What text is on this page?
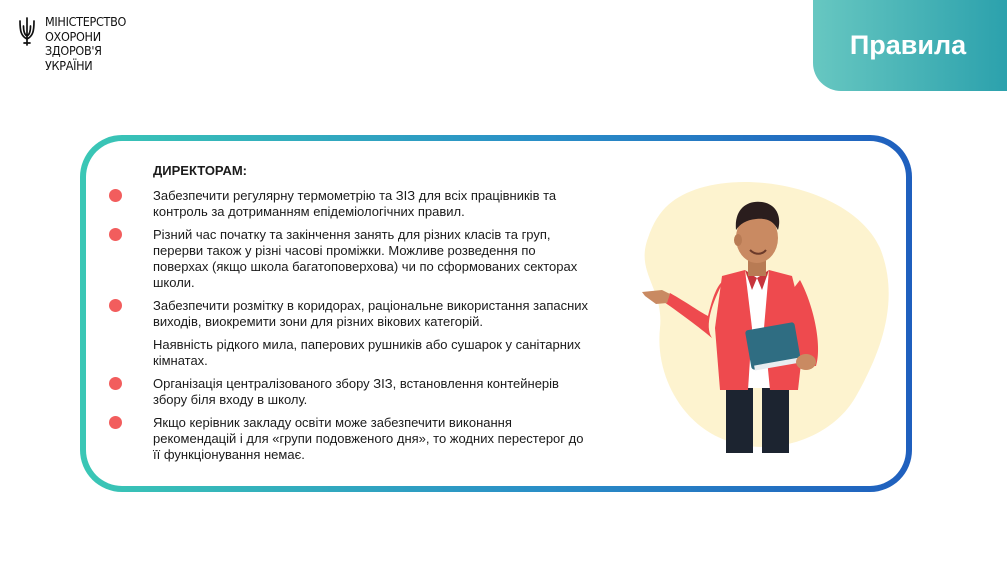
МІНІСТЕРСТВО
ОХОРОНИ
ЗДОРОВ'Я
УКРАЇНИ
Правила
ДИРЕКТОРАМ:
Забезпечити регулярну термометрію та ЗІЗ для всіх працівників та контроль за дотриманням епідеміологічних правил.
Різний час початку та закінчення занять для різних класів та груп, перерви також у різні часові проміжки. Можливе розведення по поверхах (якщо школа багатоповерхова) чи по сформованих секторах школи.
Забезпечити розмітку в коридорах, раціональне використання запасних виходів, виокремити зони для різних вікових категорій.
Наявність рідкого мила, паперових рушників або сушарок у санітарних кімнатах.
Організація централізованого збору ЗІЗ, встановлення контейнерів збору біля входу в школу.
Якщо керівник закладу освіти може забезпечити виконання рекомендацій і для «групи подовженого дня», то жодних перестерог до її функціонування немає.
